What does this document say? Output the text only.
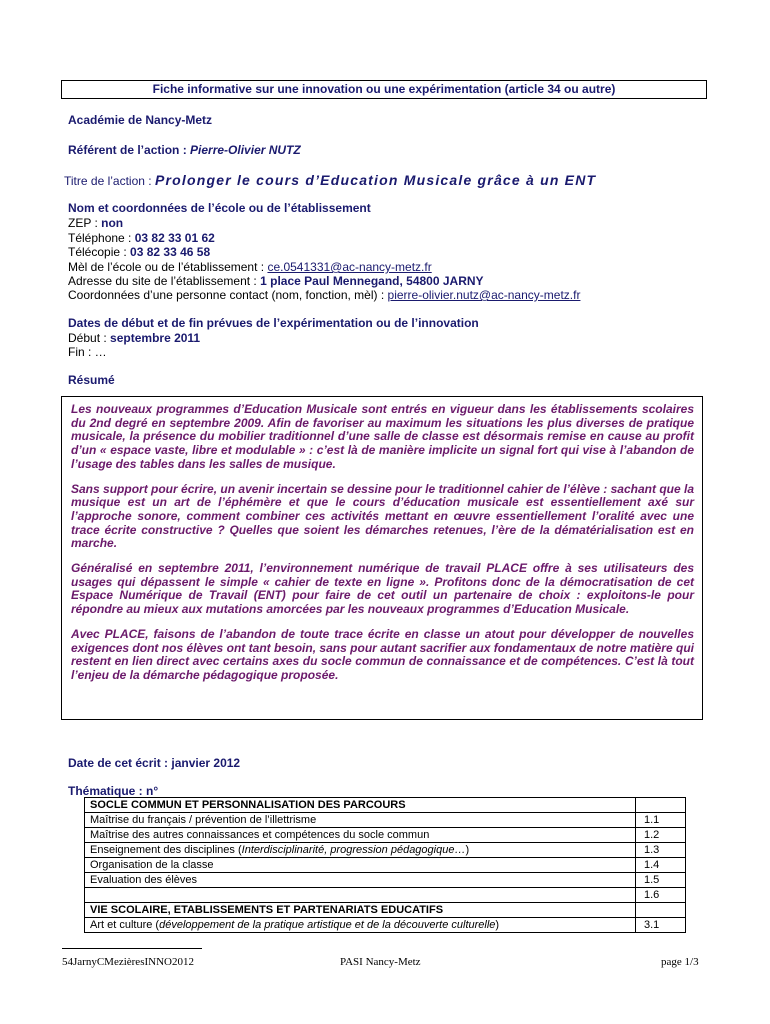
Fiche informative sur une innovation ou une expérimentation (article 34 ou autre)
Académie de Nancy-Metz
Référent de l’action : Pierre-Olivier NUTZ
Titre de l’action : Prolonger le cours d’Education Musicale grâce à un ENT
Nom et coordonnées de l’école ou de l’établissement
ZEP : non
Téléphone : 03 82 33 01 62
Télécopie : 03 82 33 46 58
Mèl de l’école ou de l’établissement : ce.0541331@ac-nancy-metz.fr
Adresse du site de l’établissement : 1 place Paul Mennegand, 54800 JARNY
Coordonnées d’une personne contact (nom, fonction, mèl) : pierre-olivier.nutz@ac-nancy-metz.fr
Dates de début et de fin prévues de l’expérimentation ou de l’innovation
Début : septembre 2011
Fin : …
Résumé

Les nouveaux programmes d’Education Musicale sont entrés en vigueur dans les établissements scolaires du 2nd degré en septembre 2009. Afin de favoriser au maximum les situations les plus diverses de pratique musicale, la présence du mobilier traditionnel d’une salle de classe est désormais remise en cause au profit d’un « espace vaste, libre et modulable » : c’est là de manière implicite un signal fort qui vise à l’abandon de l’usage des tables dans les salles de musique.

Sans support pour écrire, un avenir incertain se dessine pour le traditionnel cahier de l’élève : sachant que la musique est un art de l’éphémère et que le cours d’éducation musicale est essentiellement axé sur l’approche sonore, comment combiner ces activités mettant en œuvre essentiellement l’oralité avec une trace écrite constructive ? Quelles que soient les démarches retenues, l’ère de la dématérialisation est en marche.

Généralisé en septembre 2011, l’environnement numérique de travail PLACE offre à ses utilisateurs des usages qui dépassent le simple « cahier de texte en ligne ». Profitons donc de la démocratisation de cet Espace Numérique de Travail (ENT) pour faire de cet outil un partenaire de choix : exploitons-le pour répondre au mieux aux mutations amorcées par les nouveaux programmes d’Education Musicale.

Avec PLACE, faisons de l’abandon de toute trace écrite en classe un atout pour développer de nouvelles exigences dont nos élèves ont tant besoin, sans pour autant sacrifier aux fondamentaux de notre matière qui restent en lien direct avec certains axes du socle commun de connaissance et de compétences. C’est là tout l’enjeu de la démarche pédagogique proposée.

Date de cet écrit : janvier 2012
Thématique : n°
SOCLE COMMUN ET PERSONNALISATION DES PARCOURS	
Maîtrise du français / prévention de l’illettrisme	1.1
Maîtrise des autres connaissances et compétences du socle commun	1.2
Enseignement des disciplines (Interdisciplinarité, progression pédagogique…)	1.3
Organisation de la classe	1.4
Evaluation des élèves	1.5
	1.6
VIE SCOLAIRE, ETABLISSEMENTS ET PARTENARIATS EDUCATIFS	
Art et culture (développement de la pratique artistique et de la découverte culturelle)	3.1
54JarnyCMezièresINNO2012	PASI Nancy-Metz	page 1/3
